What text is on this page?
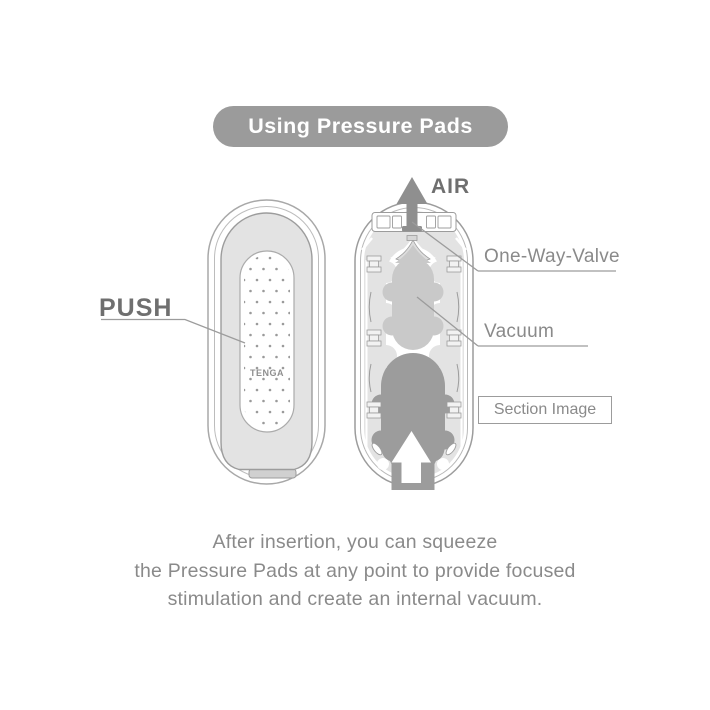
Using Pressure Pads
TENGA
PUSH
AIR
One-Way-Valve
Vacuum
Section Image
After insertion, you can squeeze
the Pressure Pads at any point to provide focused
stimulation and create an internal vacuum.
